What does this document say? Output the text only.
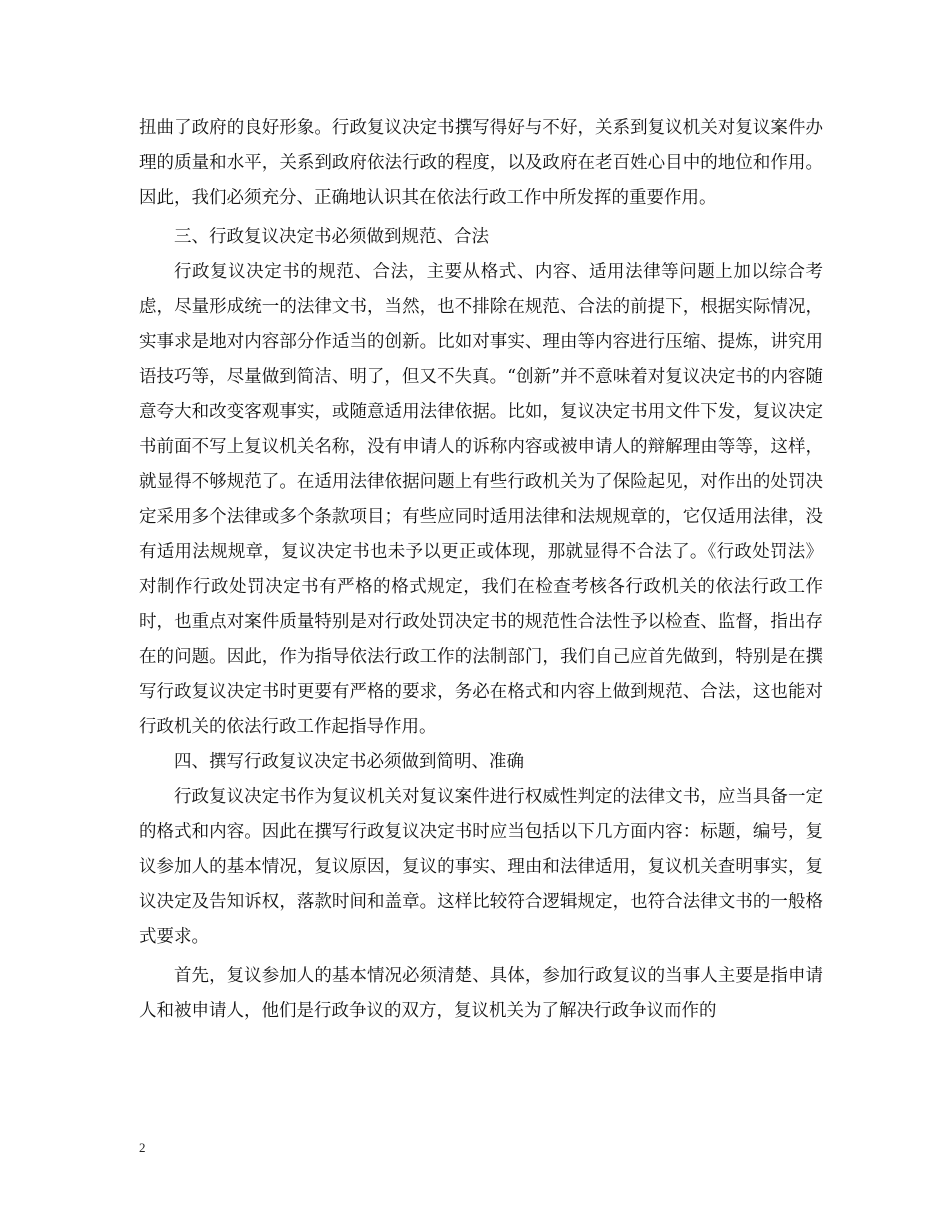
扭曲了政府的良好形象。行政复议决定书撰写得好与不好，关系到复议机关对复议案件办理的质量和水平，关系到政府依法行政的程度，以及政府在老百姓心目中的地位和作用。因此，我们必须充分、正确地认识其在依法行政工作中所发挥的重要作用。

三、行政复议决定书必须做到规范、合法

行政复议决定书的规范、合法，主要从格式、内容、适用法律等问题上加以综合考虑，尽量形成统一的法律文书，当然，也不排除在规范、合法的前提下，根据实际情况，实事求是地对内容部分作适当的创新。比如对事实、理由等内容进行压缩、提炼，讲究用语技巧等，尽量做到简洁、明了，但又不失真。“创新”并不意味着对复议决定书的内容随意夸大和改变客观事实，或随意适用法律依据。比如，复议决定书用文件下发，复议决定书前面不写上复议机关名称，没有申请人的诉称内容或被申请人的辩解理由等等，这样，就显得不够规范了。在适用法律依据问题上有些行政机关为了保险起见，对作出的处罚决定采用多个法律或多个条款项目；有些应同时适用法律和法规规章的，它仅适用法律，没有适用法规规章，复议决定书也未予以更正或体现，那就显得不合法了。《行政处罚法》对制作行政处罚决定书有严格的格式规定，我们在检查考核各行政机关的依法行政工作时，也重点对案件质量特别是对行政处罚决定书的规范性合法性予以检查、监督，指出存在的问题。因此，作为指导依法行政工作的法制部门，我们自己应首先做到，特别是在撰写行政复议决定书时更要有严格的要求，务必在格式和内容上做到规范、合法，这也能对行政机关的依法行政工作起指导作用。

四、撰写行政复议决定书必须做到简明、准确

行政复议决定书作为复议机关对复议案件进行权威性判定的法律文书，应当具备一定的格式和内容。因此在撰写行政复议决定书时应当包括以下几方面内容：标题，编号，复议参加人的基本情况，复议原因，复议的事实、理由和法律适用，复议机关查明事实，复议决定及告知诉权，落款时间和盖章。这样比较符合逻辑规定，也符合法律文书的一般格式要求。

首先，复议参加人的基本情况必须清楚、具体，参加行政复议的当事人主要是指申请人和被申请人，他们是行政争议的双方，复议机关为了解决行政争议而作的

2
